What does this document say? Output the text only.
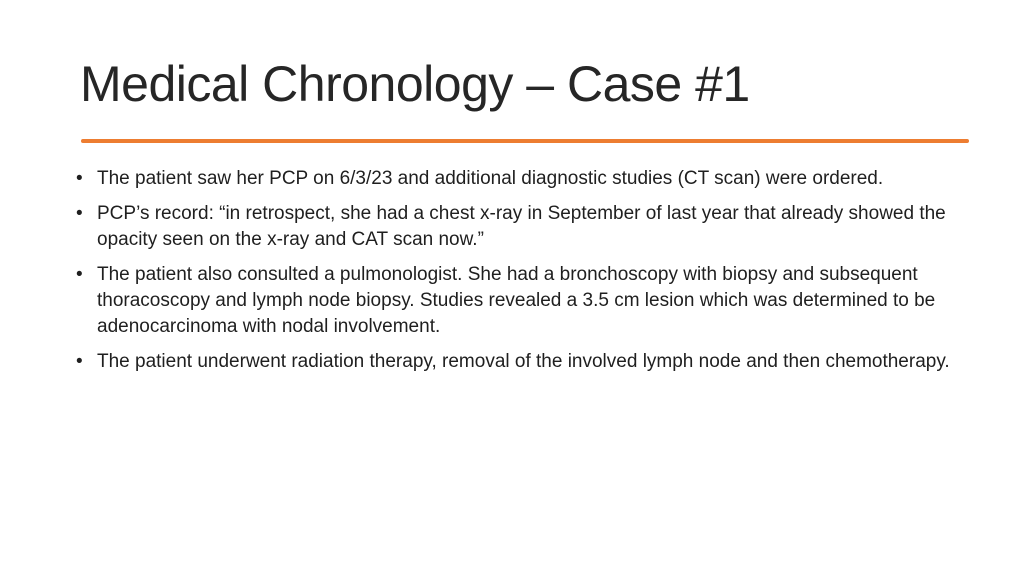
Medical Chronology – Case #1
• The patient saw her PCP on 6/3/23 and additional diagnostic studies (CT scan) were ordered.
• PCP’s record: “in retrospect, she had a chest x-ray in September of last year that already showed the opacity seen on the x-ray and CAT scan now.”
• The patient also consulted a pulmonologist. She had a bronchoscopy with biopsy and subsequent thoracoscopy and lymph node biopsy. Studies revealed a 3.5 cm lesion which was determined to be adenocarcinoma with nodal involvement.
• The patient underwent radiation therapy, removal of the involved lymph node and then chemotherapy.
